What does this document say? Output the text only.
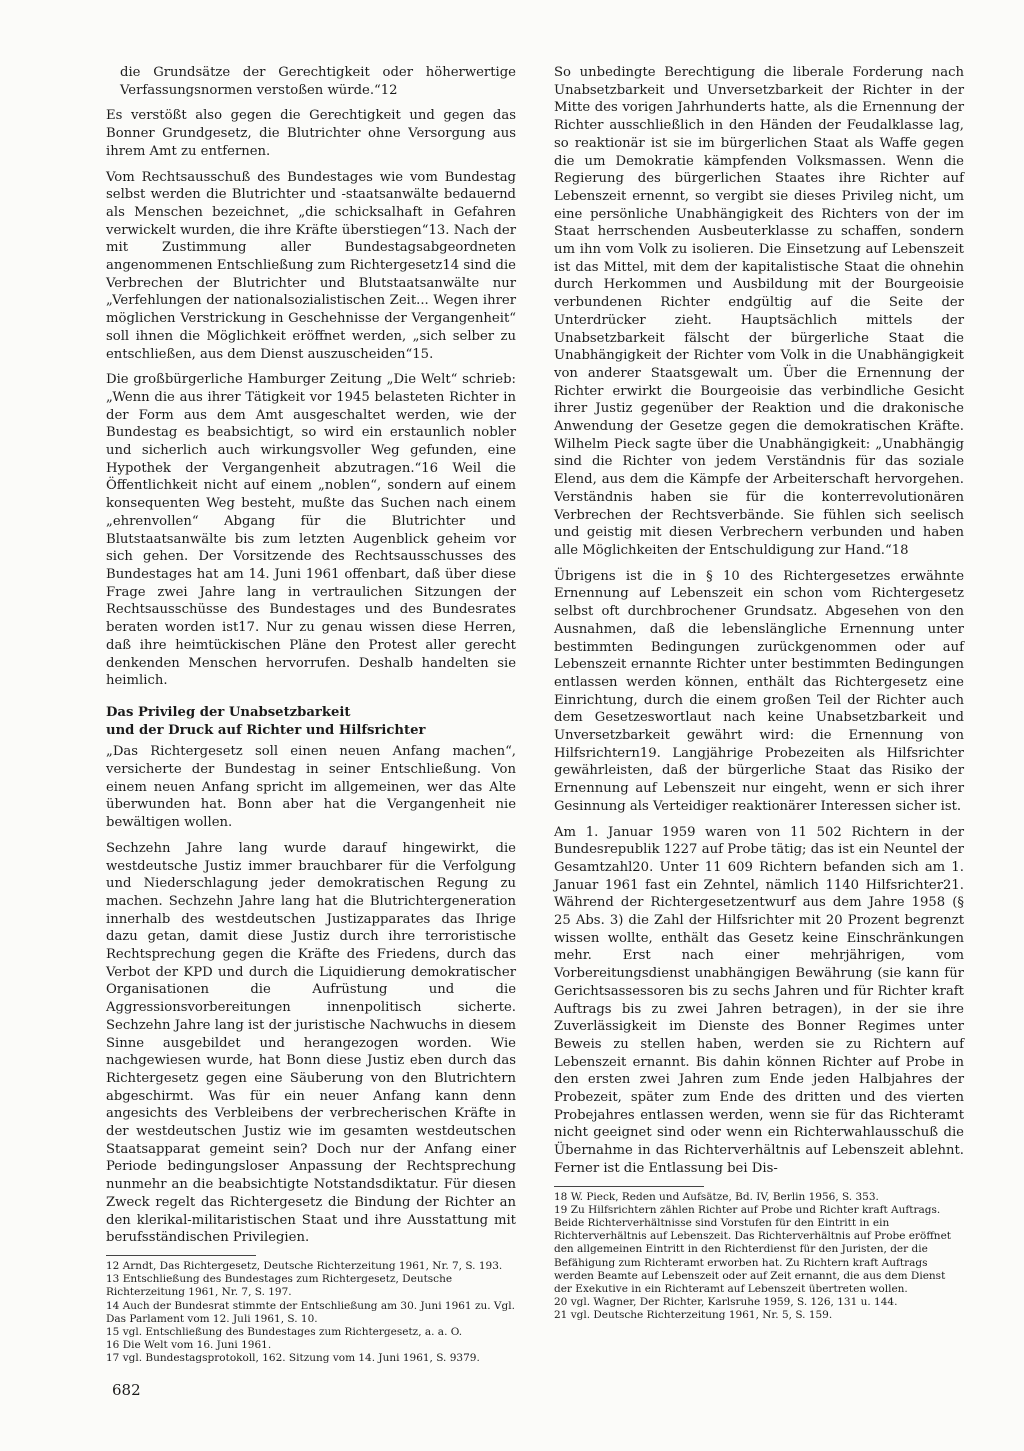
die Grundsätze der Gerechtigkeit oder höherwertige Verfassungsnormen verstoßen würde.“12

Es verstößt also gegen die Gerechtigkeit und gegen das Bonner Grundgesetz, die Blutrichter ohne Versorgung aus ihrem Amt zu entfernen.

Vom Rechtsausschuß des Bundestages wie vom Bundestag selbst werden die Blutrichter und -staatsanwälte bedauernd als Menschen bezeichnet, „die schicksalhaft in Gefahren verwickelt wurden, die ihre Kräfte überstiegen“13. Nach der mit Zustimmung aller Bundestagsabgeordneten angenommenen Entschließung zum Richtergesetz14 sind die Verbrechen der Blutrichter und Blutstaatsanwälte nur „Verfehlungen der nationalsozialistischen Zeit... Wegen ihrer möglichen Verstrickung in Geschehnisse der Vergangenheit“ soll ihnen die Möglichkeit eröffnet werden, „sich selber zu entschließen, aus dem Dienst auszuscheiden“15.

Die großbürgerliche Hamburger Zeitung „Die Welt“ schrieb: „Wenn die aus ihrer Tätigkeit vor 1945 belasteten Richter in der Form aus dem Amt ausgeschaltet werden, wie der Bundestag es beabsichtigt, so wird ein erstaunlich nobler und sicherlich auch wirkungsvoller Weg gefunden, eine Hypothek der Vergangenheit abzutragen.“16 Weil die Öffentlichkeit nicht auf einem „noblen“, sondern auf einem konsequenten Weg besteht, mußte das Suchen nach einem „ehrenvollen“ Abgang für die Blutrichter und Blutstaatsanwälte bis zum letzten Augenblick geheim vor sich gehen. Der Vorsitzende des Rechtsausschusses des Bundestages hat am 14. Juni 1961 offenbart, daß über diese Frage zwei Jahre lang in vertraulichen Sitzungen der Rechtsausschüsse des Bundestages und des Bundesrates beraten worden ist17. Nur zu genau wissen diese Herren, daß ihre heimtückischen Pläne den Protest aller gerecht denkenden Menschen hervorrufen. Deshalb handelten sie heimlich.

Das Privileg der Unabsetzbarkeit
und der Druck auf Richter und Hilfsrichter

„Das Richtergesetz soll einen neuen Anfang machen“, versicherte der Bundestag in seiner Entschließung. Von einem neuen Anfang spricht im allgemeinen, wer das Alte überwunden hat. Bonn aber hat die Vergangenheit nie bewältigen wollen.

Sechzehn Jahre lang wurde darauf hingewirkt, die westdeutsche Justiz immer brauchbarer für die Verfolgung und Niederschlagung jeder demokratischen Regung zu machen. Sechzehn Jahre lang hat die Blutrichtergeneration innerhalb des westdeutschen Justizapparates das Ihrige dazu getan, damit diese Justiz durch ihre terroristische Rechtsprechung gegen die Kräfte des Friedens, durch das Verbot der KPD und durch die Liquidierung demokratischer Organisationen die Aufrüstung und die Aggressionsvorbereitungen innenpolitisch sicherte. Sechzehn Jahre lang ist der juristische Nachwuchs in diesem Sinne ausgebildet und herangezogen worden. Wie nachgewiesen wurde, hat Bonn diese Justiz eben durch das Richtergesetz gegen eine Säuberung von den Blutrichtern abgeschirmt. Was für ein neuer Anfang kann denn angesichts des Verbleibens der verbrecherischen Kräfte in der westdeutschen Justiz wie im gesamten westdeutschen Staatsapparat gemeint sein? Doch nur der Anfang einer Periode bedingungsloser Anpassung der Rechtsprechung nunmehr an die beabsichtigte Notstandsdiktatur. Für diesen Zweck regelt das Richtergesetz die Bindung der Richter an den klerikal-militaristischen Staat und ihre Ausstattung mit berufsständischen Privilegien.

12 Arndt, Das Richtergesetz, Deutsche Richterzeitung 1961, Nr. 7, S. 193.

13 Entschließung des Bundestages zum Richtergesetz, Deutsche Richterzeitung 1961, Nr. 7, S. 197.

14 Auch der Bundesrat stimmte der Entschließung am 30. Juni 1961 zu. Vgl. Das Parlament vom 12. Juli 1961, S. 10.

15 vgl. Entschließung des Bundestages zum Richtergesetz, a. a. O.

16 Die Welt vom 16. Juni 1961.

17 vgl. Bundestagsprotokoll, 162. Sitzung vom 14. Juni 1961, S. 9379.

So unbedingte Berechtigung die liberale Forderung nach Unabsetzbarkeit und Unversetzbarkeit der Richter in der Mitte des vorigen Jahrhunderts hatte, als die Ernennung der Richter ausschließlich in den Händen der Feudalklasse lag, so reaktionär ist sie im bürgerlichen Staat als Waffe gegen die um Demokratie kämpfenden Volksmassen. Wenn die Regierung des bürgerlichen Staates ihre Richter auf Lebenszeit ernennt, so vergibt sie dieses Privileg nicht, um eine persönliche Unabhängigkeit des Richters von der im Staat herrschenden Ausbeuterklasse zu schaffen, sondern um ihn vom Volk zu isolieren. Die Einsetzung auf Lebenszeit ist das Mittel, mit dem der kapitalistische Staat die ohnehin durch Herkommen und Ausbildung mit der Bourgeoisie verbundenen Richter endgültig auf die Seite der Unterdrücker zieht. Hauptsächlich mittels der Unabsetzbarkeit fälscht der bürgerliche Staat die Unabhängigkeit der Richter vom Volk in die Unabhängigkeit von anderer Staatsgewalt um. Über die Ernennung der Richter erwirkt die Bourgeoisie das verbindliche Gesicht ihrer Justiz gegenüber der Reaktion und die drakonische Anwendung der Gesetze gegen die demokratischen Kräfte. Wilhelm Pieck sagte über die Unabhängigkeit: „Unabhängig sind die Richter von jedem Verständnis für das soziale Elend, aus dem die Kämpfe der Arbeiterschaft hervorgehen. Verständnis haben sie für die konterrevolutionären Verbrechen der Rechtsverbände. Sie fühlen sich seelisch und geistig mit diesen Verbrechern verbunden und haben alle Möglichkeiten der Entschuldigung zur Hand.“18

Übrigens ist die in § 10 des Richtergesetzes erwähnte Ernennung auf Lebenszeit ein schon vom Richtergesetz selbst oft durchbrochener Grundsatz. Abgesehen von den Ausnahmen, daß die lebenslängliche Ernennung unter bestimmten Bedingungen zurückgenommen oder auf Lebenszeit ernannte Richter unter bestimmten Bedingungen entlassen werden können, enthält das Richtergesetz eine Einrichtung, durch die einem großen Teil der Richter auch dem Gesetzeswortlaut nach keine Unabsetzbarkeit und Unversetzbarkeit gewährt wird: die Ernennung von Hilfsrichtern19. Langjährige Probezeiten als Hilfsrichter gewährleisten, daß der bürgerliche Staat das Risiko der Ernennung auf Lebenszeit nur eingeht, wenn er sich ihrer Gesinnung als Verteidiger reaktionärer Interessen sicher ist.

Am 1. Januar 1959 waren von 11 502 Richtern in der Bundesrepublik 1227 auf Probe tätig; das ist ein Neuntel der Gesamtzahl20. Unter 11 609 Richtern befanden sich am 1. Januar 1961 fast ein Zehntel, nämlich 1140 Hilfsrichter21. Während der Richtergesetzentwurf aus dem Jahre 1958 (§ 25 Abs. 3) die Zahl der Hilfsrichter mit 20 Prozent begrenzt wissen wollte, enthält das Gesetz keine Einschränkungen mehr. Erst nach einer mehrjährigen, vom Vorbereitungsdienst unabhängigen Bewährung (sie kann für Gerichtsassessoren bis zu sechs Jahren und für Richter kraft Auftrags bis zu zwei Jahren betragen), in der sie ihre Zuverlässigkeit im Dienste des Bonner Regimes unter Beweis zu stellen haben, werden sie zu Richtern auf Lebenszeit ernannt. Bis dahin können Richter auf Probe in den ersten zwei Jahren zum Ende jeden Halbjahres der Probezeit, später zum Ende des dritten und des vierten Probejahres entlassen werden, wenn sie für das Richteramt nicht geeignet sind oder wenn ein Richterwahlausschuß die Übernahme in das Richterverhältnis auf Lebenszeit ablehnt. Ferner ist die Entlassung bei Dis-

18 W. Pieck, Reden und Aufsätze, Bd. IV, Berlin 1956, S. 353.

19 Zu Hilfsrichtern zählen Richter auf Probe und Richter kraft Auftrags. Beide Richterverhältnisse sind Vorstufen für den Eintritt in ein Richterverhältnis auf Lebenszeit. Das Richterverhältnis auf Probe eröffnet den allgemeinen Eintritt in den Richterdienst für den Juristen, der die Befähigung zum Richteramt erworben hat. Zu Richtern kraft Auftrags werden Beamte auf Lebenszeit oder auf Zeit ernannt, die aus dem Dienst der Exekutive in ein Richteramt auf Lebenszeit übertreten wollen.

20 vgl. Wagner, Der Richter, Karlsruhe 1959, S. 126, 131 u. 144.

21 vgl. Deutsche Richterzeitung 1961, Nr. 5, S. 159.

682
